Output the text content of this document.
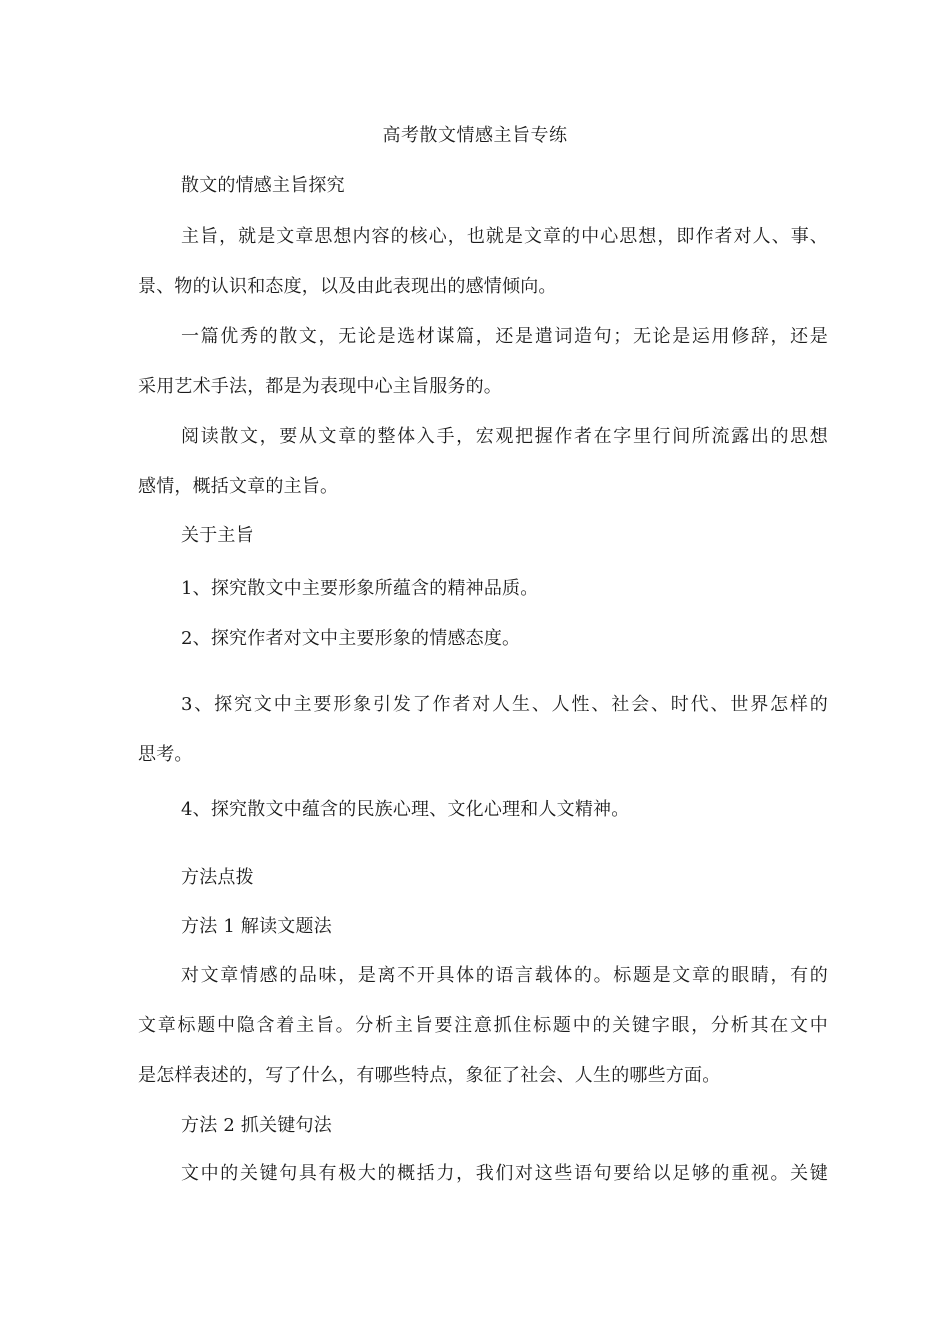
高考散文情感主旨专练
散文的情感主旨探究
主旨，就是文章思想内容的核心，也就是文章的中心思想，即作者对人、事、
景、物的认识和态度，以及由此表现出的感情倾向。
一篇优秀的散文，无论是选材谋篇，还是遣词造句；无论是运用修辞，还是
采用艺术手法，都是为表现中心主旨服务的。
阅读散文，要从文章的整体入手，宏观把握作者在字里行间所流露出的思想
感情，概括文章的主旨。
关于主旨
1、探究散文中主要形象所蕴含的精神品质。
2、探究作者对文中主要形象的情感态度。
3、探究文中主要形象引发了作者对人生、人性、社会、时代、世界怎样的
思考。
4、探究散文中蕴含的民族心理、文化心理和人文精神。
方法点拨
方法 1 解读文题法
对文章情感的品味，是离不开具体的语言载体的。标题是文章的眼睛，有的
文章标题中隐含着主旨。分析主旨要注意抓住标题中的关键字眼，分析其在文中
是怎样表述的，写了什么，有哪些特点，象征了社会、人生的哪些方面。
方法 2 抓关键句法
文中的关键句具有极大的概括力，我们对这些语句要给以足够的重视。关键
